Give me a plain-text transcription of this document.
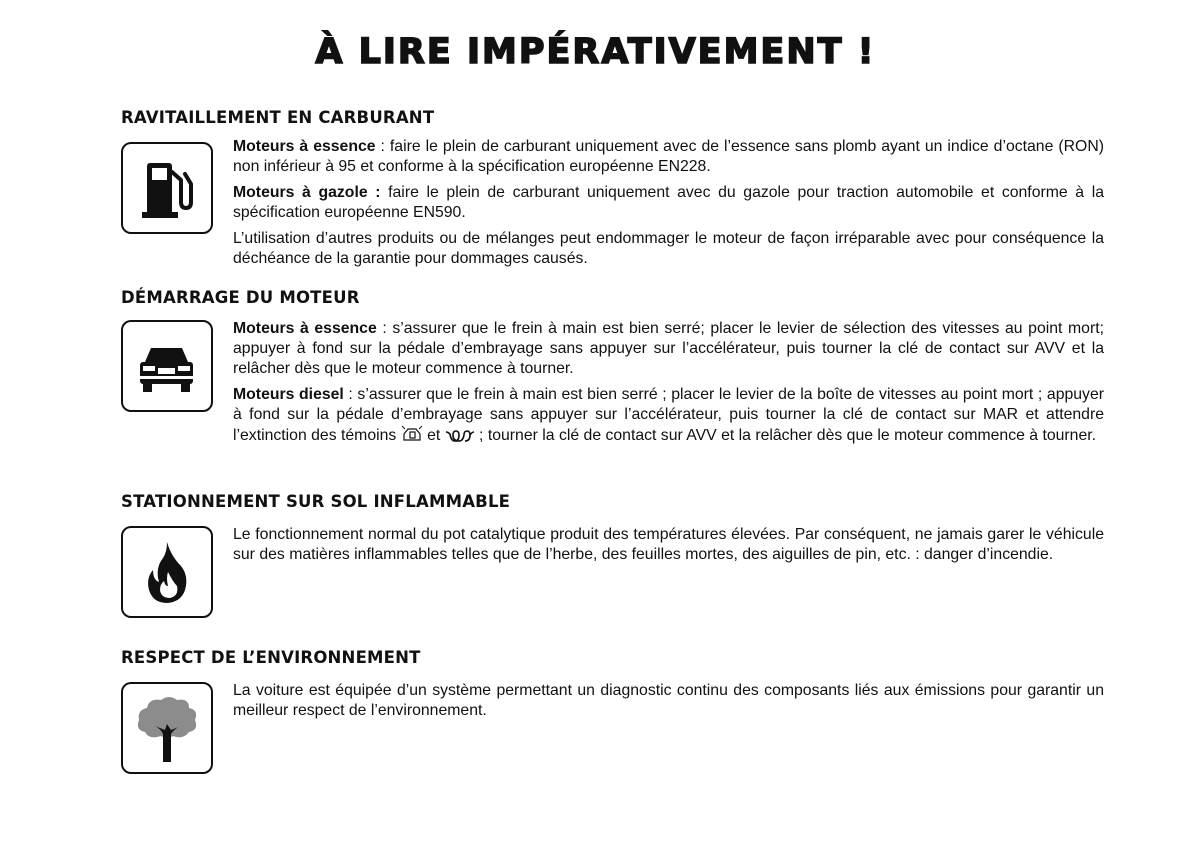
À LIRE IMPÉRATIVEMENT !
RAVITAILLEMENT EN CARBURANT

Moteurs à essence : faire le plein de carburant uniquement avec de l’essence sans plomb ayant un indice d’octane (RON) non inférieur à 95 et conforme à la spécification européenne EN228.

Moteurs à gazole : faire le plein de carburant uniquement avec du gazole pour traction automobile et conforme à la spécification européenne EN590.

L’utilisation d’autres produits ou de mélanges peut endommager le moteur de façon irréparable avec pour conséquence la déchéance de la garantie pour dommages causés.

DÉMARRAGE DU MOTEUR

Moteurs à essence : s’assurer que le frein à main est bien serré; placer le levier de sélection des vitesses au point mort; appuyer à fond sur la pédale d’embrayage sans appuyer sur l’accélérateur, puis tourner la clé de contact sur AVV et la relâcher dès que le moteur commence à tourner.

Moteurs diesel : s’assurer que le frein à main est bien serré ; placer le levier de la boîte de vitesses au point mort ; appuyer à fond sur la pédale d’embrayage sans appuyer sur l’accélérateur, puis tourner la clé de contact sur MAR et attendre l’extinction des témoins  et  ; tourner la clé de contact sur AVV et la relâcher dès que le moteur commence à tourner.

STATIONNEMENT SUR SOL INFLAMMABLE

Le fonctionnement normal du pot catalytique produit des températures élevées. Par conséquent, ne jamais garer le véhicule sur des matières inflammables telles que de l’herbe, des feuilles mortes, des aiguilles de pin, etc. : danger d’incendie.

RESPECT DE L’ENVIRONNEMENT

La voiture est équipée d’un système permettant un diagnostic continu des composants liés aux émissions pour garantir un meilleur respect de l’environnement.
